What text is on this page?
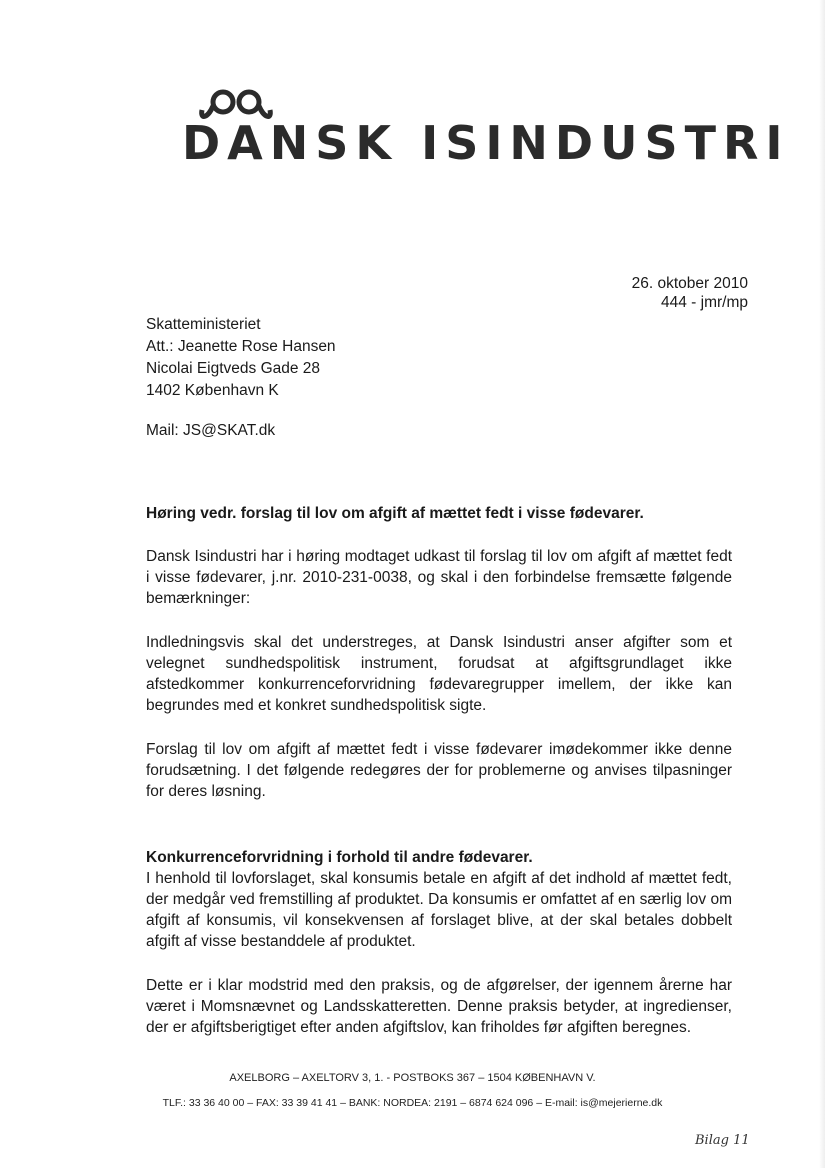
DANSK ISINDUSTRI
26. oktober 2010
444 - jmr/mp
Skatteministeriet
Att.: Jeanette Rose Hansen
Nicolai Eigtveds Gade 28
1402 København K
Mail: JS@SKAT.dk

Høring vedr. forslag til lov om afgift af mættet fedt i visse fødevarer.

Dansk Isindustri har i høring modtaget udkast til forslag til lov om afgift af mættet fedt i visse fødevarer, j.nr. 2010-231-0038, og skal i den forbindelse fremsætte følgende bemærkninger:

Indledningsvis skal det understreges, at Dansk Isindustri anser afgifter som et velegnet sundhedspolitisk instrument, forudsat at afgiftsgrundlaget ikke afstedkommer konkurrenceforvridning fødevaregrupper imellem, der ikke kan begrundes med et konkret sundhedspolitisk sigte.

Forslag til lov om afgift af mættet fedt i visse fødevarer imødekommer ikke denne forudsætning. I det følgende redegøres der for problemerne og anvises tilpasninger for deres løsning.

Konkurrenceforvridning i forhold til andre fødevarer.

I henhold til lovforslaget, skal konsumis betale en afgift af det indhold af mættet fedt, der medgår ved fremstilling af produktet. Da konsumis er omfattet af en særlig lov om afgift af konsumis, vil konsekvensen af forslaget blive, at der skal betales dobbelt afgift af visse bestanddele af produktet.

Dette er i klar modstrid med den praksis, og de afgørelser, der igennem årerne har været i Momsnævnet og Landsskatteretten. Denne praksis betyder, at ingredienser, der er afgiftsberigtiget efter anden afgiftslov, kan friholdes før afgiften beregnes.

AXELBORG – AXELTORV 3, 1. - POSTBOKS 367 – 1504 KØBENHAVN V.
TLF.: 33 36 40 00 – FAX: 33 39 41 41 – BANK: NORDEA: 2191 – 6874 624 096 – E-mail: is@mejerierne.dk
Bilag 11
